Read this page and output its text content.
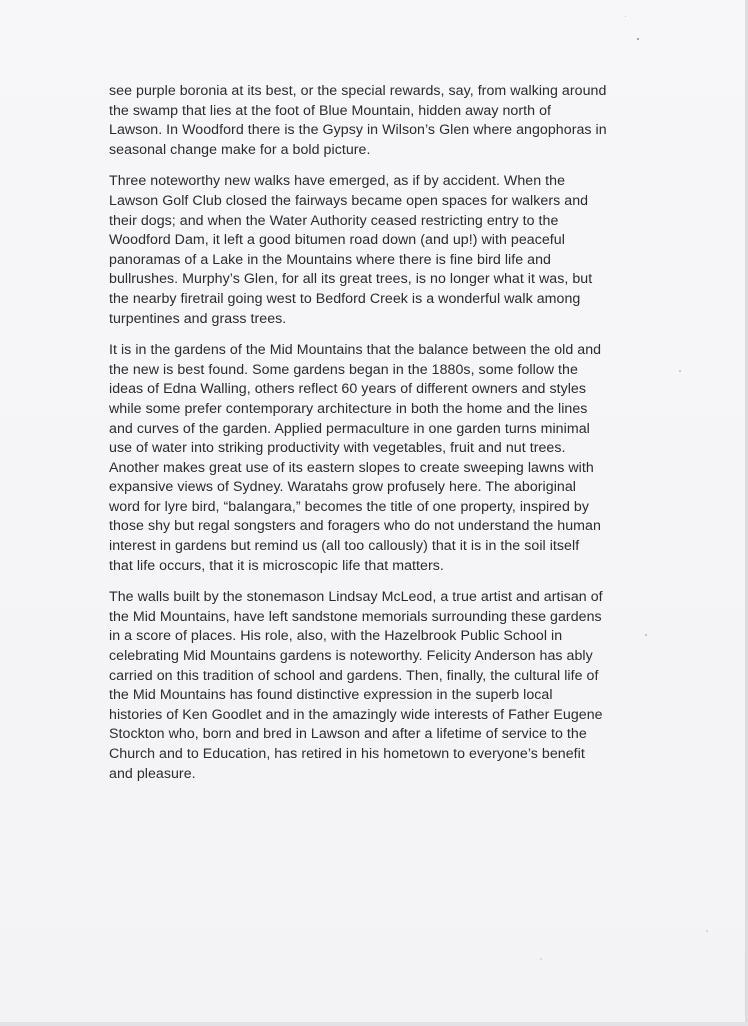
see purple boronia at its best, or the special rewards, say, from walking around
the swamp that lies at the foot of Blue Mountain, hidden away north of
Lawson. In Woodford there is the Gypsy in Wilson’s Glen where angophoras in
seasonal change make for a bold picture.

Three noteworthy new walks have emerged, as if by accident. When the
Lawson Golf Club closed the fairways became open spaces for walkers and
their dogs; and when the Water Authority ceased restricting entry to the
Woodford Dam, it left a good bitumen road down (and up!) with peaceful
panoramas of a Lake in the Mountains where there is fine bird life and
bullrushes. Murphy’s Glen, for all its great trees, is no longer what it was, but
the nearby firetrail going west to Bedford Creek is a wonderful walk among
turpentines and grass trees.

It is in the gardens of the Mid Mountains that the balance between the old and
the new is best found. Some gardens began in the 1880s, some follow the
ideas of Edna Walling, others reflect 60 years of different owners and styles
while some prefer contemporary architecture in both the home and the lines
and curves of the garden. Applied permaculture in one garden turns minimal
use of water into striking productivity with vegetables, fruit and nut trees.
Another makes great use of its eastern slopes to create sweeping lawns with
expansive views of Sydney. Waratahs grow profusely here. The aboriginal
word for lyre bird, “balangara,” becomes the title of one property, inspired by
those shy but regal songsters and foragers who do not understand the human
interest in gardens but remind us (all too callously) that it is in the soil itself
that life occurs, that it is microscopic life that matters.

The walls built by the stonemason Lindsay McLeod, a true artist and artisan of
the Mid Mountains, have left sandstone memorials surrounding these gardens
in a score of places. His role, also, with the Hazelbrook Public School in
celebrating Mid Mountains gardens is noteworthy. Felicity Anderson has ably
carried on this tradition of school and gardens. Then, finally, the cultural life of
the Mid Mountains has found distinctive expression in the superb local
histories of Ken Goodlet and in the amazingly wide interests of Father Eugene
Stockton who, born and bred in Lawson and after a lifetime of service to the
Church and to Education, has retired in his hometown to everyone’s benefit
and pleasure.
